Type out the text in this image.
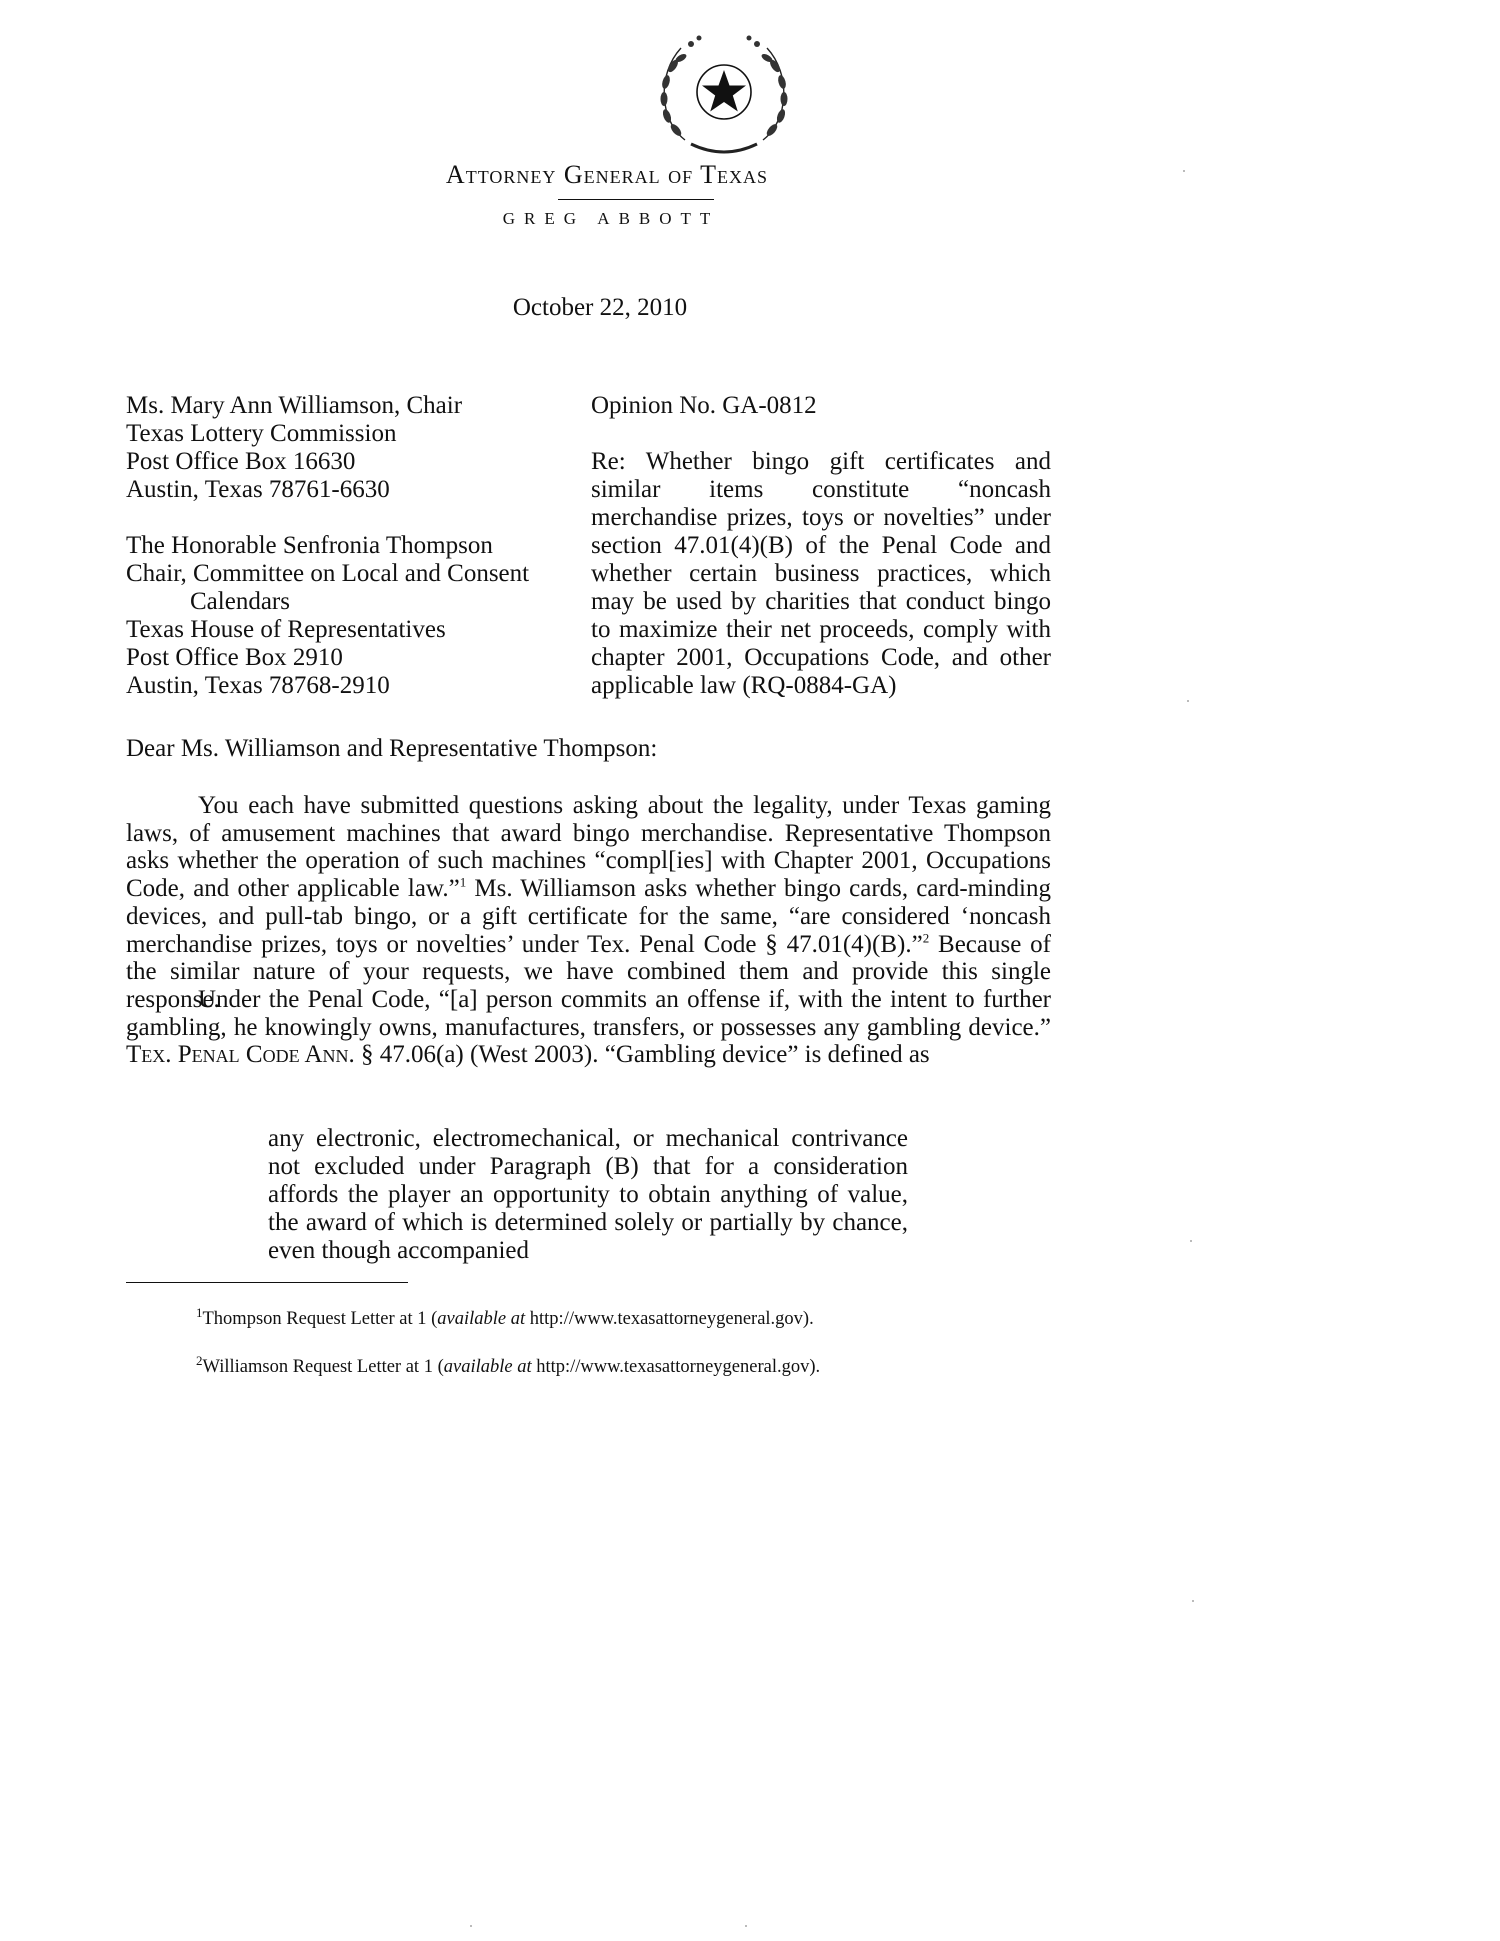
Attorney General of Texas
GREG ABBOTT
October 22, 2010
Ms. Mary Ann Williamson, Chair
Texas Lottery Commission
Post Office Box 16630
Austin, Texas 78761-6630
The Honorable Senfronia Thompson
Chair, Committee on Local and Consent
Calendars
Texas House of Representatives
Post Office Box 2910
Austin, Texas 78768-2910
Opinion No. GA-0812
Re: Whether bingo gift certificates and similar items constitute “noncash merchandise prizes, toys or novelties” under section 47.01(4)(B) of the Penal Code and whether certain business practices, which may be used by charities that conduct bingo to maximize their net proceeds, comply with chapter 2001, Occupations Code, and other applicable law (RQ-0884-GA)
Dear Ms. Williamson and Representative Thompson:
You each have submitted questions asking about the legality, under Texas gaming laws, of amusement machines that award bingo merchandise. Representative Thompson asks whether the operation of such machines “compl[ies] with Chapter 2001, Occupations Code, and other applicable law.”$^1$ Ms. Williamson asks whether bingo cards, card-minding devices, and pull-tab bingo, or a gift certificate for the same, “are considered ‘noncash merchandise prizes, toys or novelties’ under Tex. Penal Code § 47.01(4)(B).”$^2$ Because of the similar nature of your requests, we have combined them and provide this single response.
Under the Penal Code, “[a] person commits an offense if, with the intent to further gambling, he knowingly owns, manufactures, transfers, or possesses any gambling device.” Tex. Penal Code Ann. § 47.06(a) (West 2003). “Gambling device” is defined as
any electronic, electromechanical, or mechanical contrivance not excluded under Paragraph (B) that for a consideration affords the player an opportunity to obtain anything of value, the award of which is determined solely or partially by chance, even though accompanied
$^1$Thompson Request Letter at 1 (available at http://www.texasattorneygeneral.gov).
$^2$Williamson Request Letter at 1 (available at http://www.texasattorneygeneral.gov).
